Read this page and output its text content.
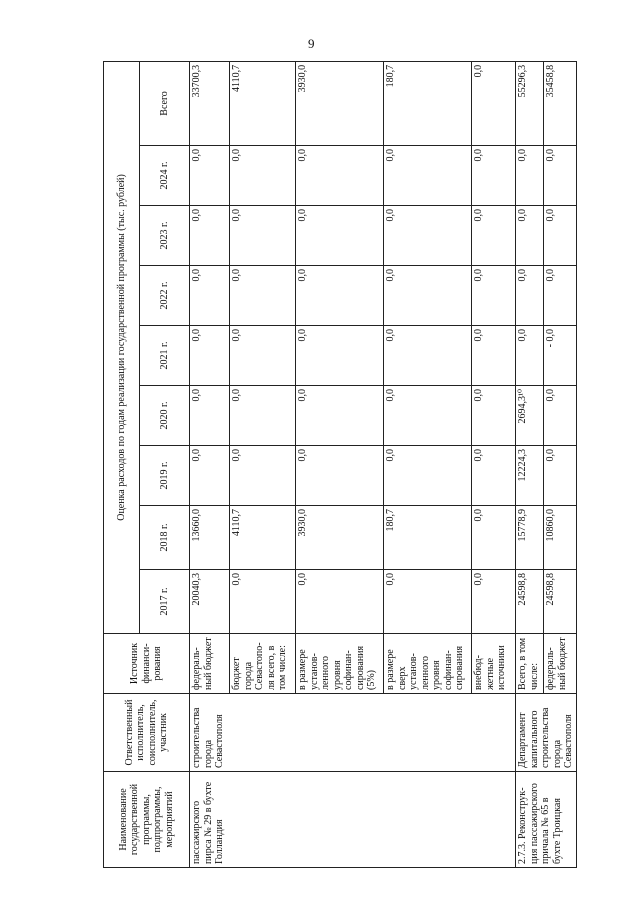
9
Наименование государственной программы, подпрограммы, мероприятий	Ответственный исполнитель, соисполнитель, участник	Источник финанси-рования	Оценка расходов по годам реализации государственной программы (тыс. рублей)								
			2017 г.	2018 г.	2019 г.	2020 г.	2021 г.	2022 г.	2023 г.	2024 г.	Всего
пассажирского пирса № 29 в бухте Голландия	строительства города Севастополя	федераль-ный бюджет	20040,3	13660,0	0,0	0,0	0,0	0,0	0,0	0,0	33700,3
		бюджет города Севастопо-ля всего, в том числе:	0,0	4110,7	0,0	0,0	0,0	0,0	0,0	0,0	4110,7
		в размере установ-ленного уровня софинан-сирования (5%)	0,0	3930,0	0,0	0,0	0,0	0,0	0,0	0,0	3930,0
		в размере сверх установ-ленного уровня софинан-сирования	0,0	180,7	0,0	0,0	0,0	0,0	0,0	0,0	180,7
		внебюд-жетные источники	0,0	0,0	0,0	0,0	0,0	0,0	0,0	0,0	0,0
2.7.3. Реконструк-ция пассажирского причала № 65 в бухте Троицкая	Департамент капитального строительства города Севастополя	Всего, в том числе:	24598,8	15778,9	12224,3	2694,3¹⁰	0,0	0,0	0,0	0,0	55296,3
		федераль-ный бюджет	24598,8	10860,0	0,0	0,0	- 0,0	0,0	0,0	0,0	35458,8
